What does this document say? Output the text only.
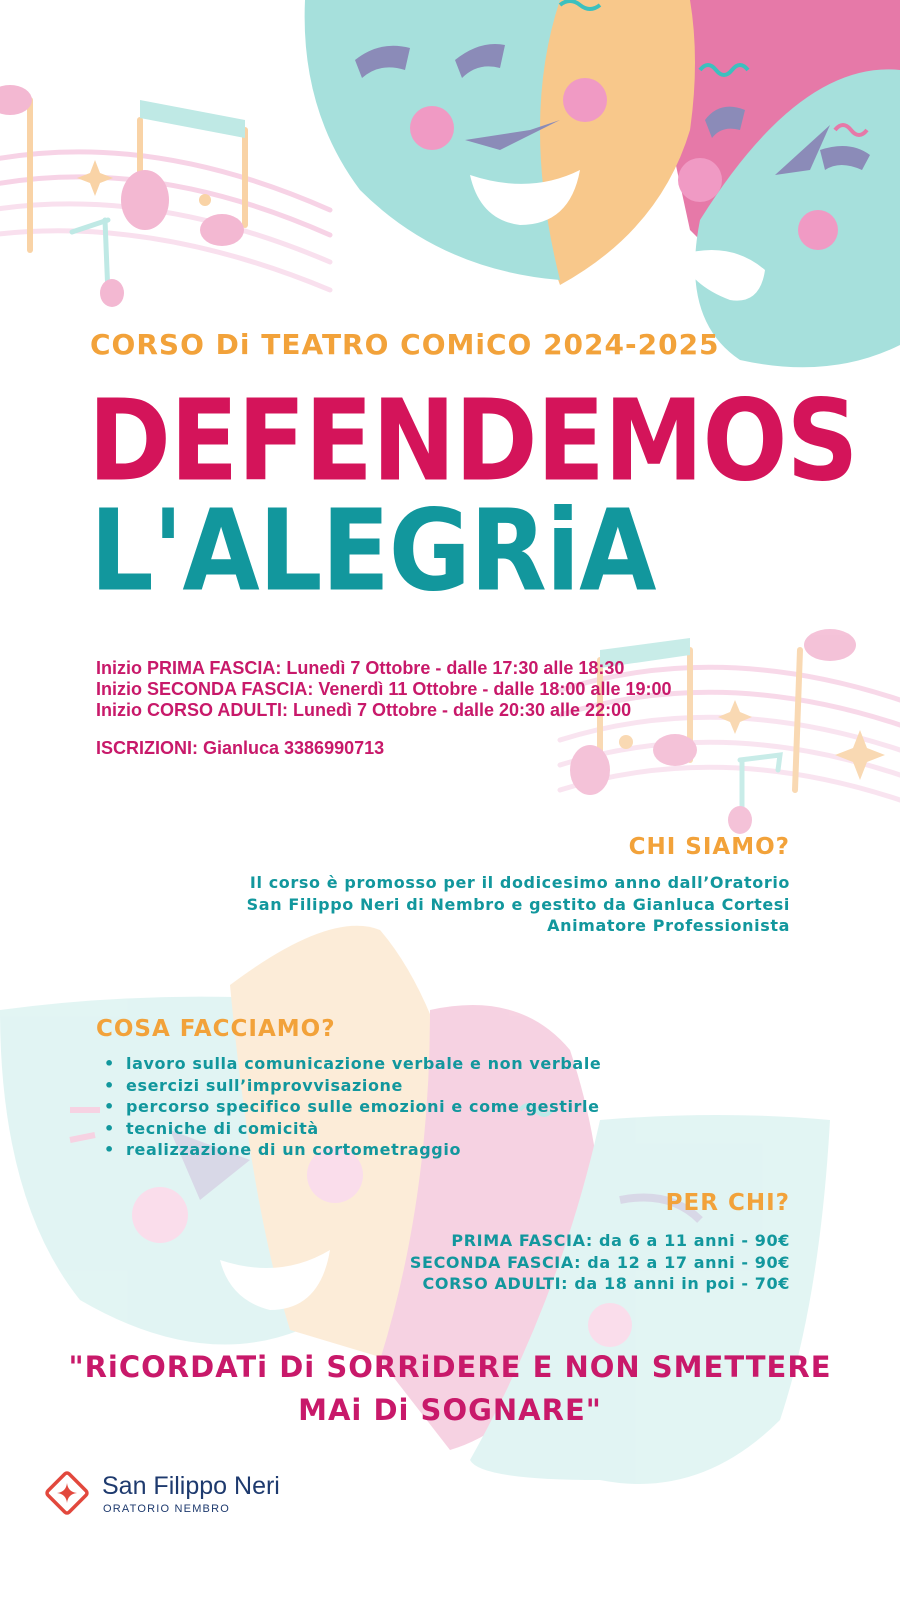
CORSO Di TEATRO COMiCO 2024-2025
DEFENDEMOS
L'ALEGRiA
Inizio PRIMA FASCIA: Lunedì 7 Ottobre - dalle 17:30 alle 18:30
Inizio SECONDA FASCIA: Venerdì 11 Ottobre - dalle 18:00 alle 19:00
Inizio CORSO ADULTI: Lunedì 7 Ottobre - dalle 20:30 alle 22:00
ISCRIZIONI: Gianluca 3386990713
CHI SIAMO?
Il corso è promosso per il dodicesimo anno dall’Oratorio
San Filippo Neri di Nembro e gestito da Gianluca Cortesi
Animatore Professionista
COSA FACCIAMO?
• lavoro sulla comunicazione verbale e non verbale
• esercizi sull’improvvisazione
• percorso specifico sulle emozioni e come gestirle
• tecniche di comicità
• realizzazione di un cortometraggio
PER CHI?
PRIMA FASCIA: da 6 a 11 anni - 90€
SECONDA FASCIA: da 12 a 17 anni - 90€
CORSO ADULTI: da 18 anni in poi - 70€
"RiCORDATi Di SORRiDERE E NON SMETTERE
MAi Di SOGNARE"
San Filippo Neri
ORATORIO NEMBRO
